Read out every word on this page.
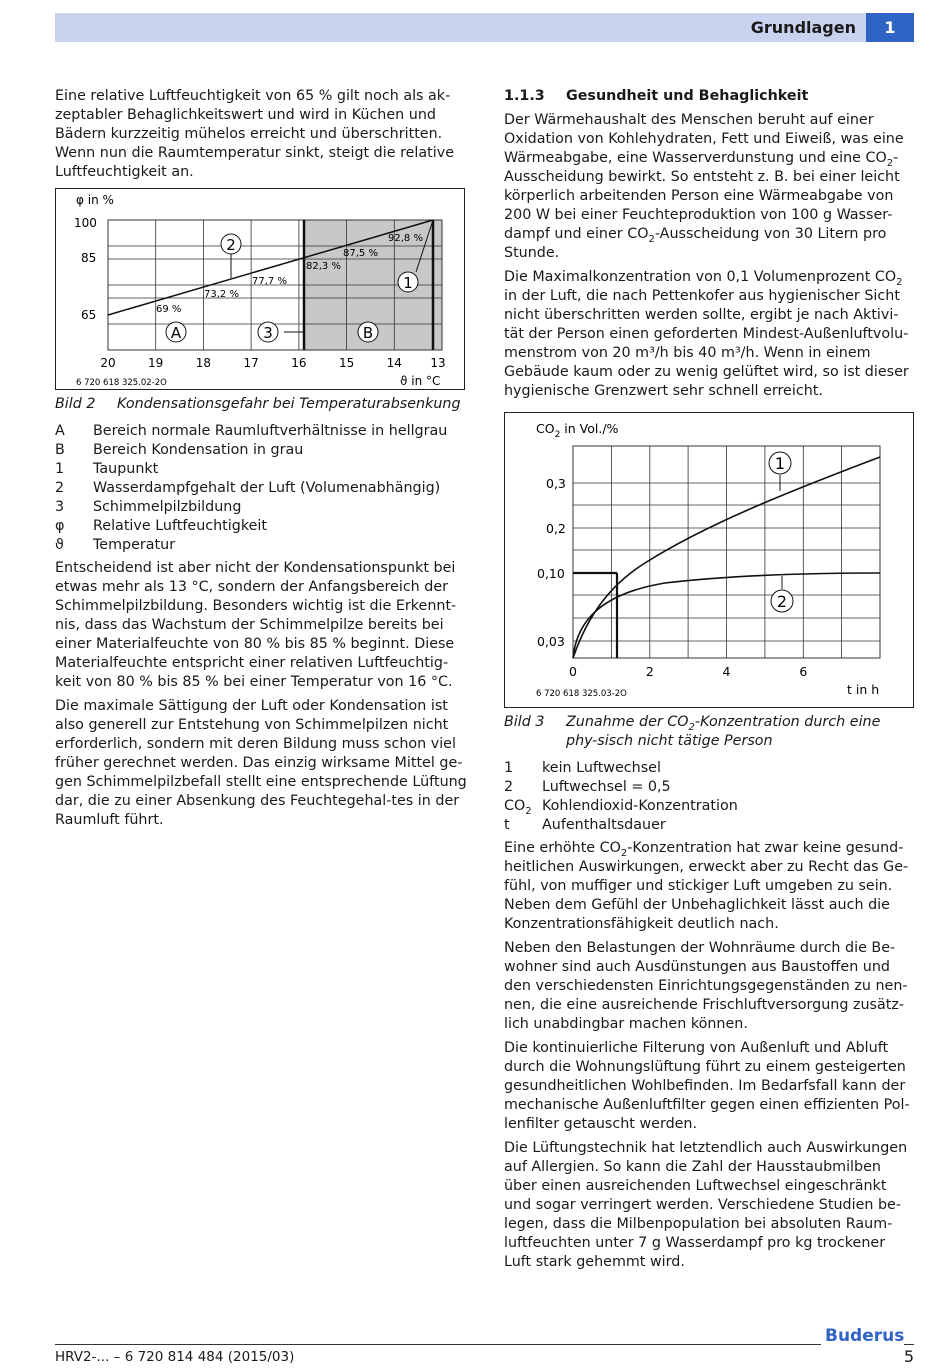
Grundlagen	1

Eine relative Luftfeuchtigkeit von 65 % gilt noch als ak-zeptabler Behaglichkeitswert und wird in Küchen und Bädern kurzzeitig mühelos erreicht und überschritten. Wenn nun die Raumtemperatur sinkt, steigt die relative Luftfeuchtigkeit an.

φ in %
100
85
65
20	19	18	17	16	15	14 13
ϑ in °C
6 720 618 325.02-2O
69 %
73,2 %
77,7 %
82,3 %
87,5 %
92,8 %
A	B
1
2
3
Bild 2	Kondensationsgefahr bei Temperaturabsenkung
A	Bereich normale Raumluftverhältnisse in hellgrau
B	Bereich Kondensation in grau
1	Taupunkt
2	Wasserdampfgehalt der Luft (Volumenabhängig)
3	Schimmelpilzbildung
φ	Relative Luftfeuchtigkeit
ϑ	Temperatur

Entscheidend ist aber nicht der Kondensationspunkt bei etwas mehr als 13 °C, sondern der Anfangsbereich der Schimmelpilzbildung. Besonders wichtig ist die Erkennt-nis, dass das Wachstum der Schimmelpilze bereits bei einer Materialfeuchte von 80 % bis 85 % beginnt. Diese Materialfeuchte entspricht einer relativen Luftfeuchtig-keit von 80 % bis 85 % bei einer Temperatur von 16 °C.

Die maximale Sättigung der Luft oder Kondensation ist also generell zur Entstehung von Schimmelpilzen nicht erforderlich, sondern mit deren Bildung muss schon viel früher gerechnet werden. Das einzig wirksame Mittel ge-gen Schimmelpilzbefall stellt eine entsprechende Lüftung dar, die zu einer Absenkung des Feuchtegehal-tes in der Raumluft führt.

1.1.3 Gesundheit und Behaglichkeit

Der Wärmehaushalt des Menschen beruht auf einer Oxidation von Kohlehydraten, Fett und Eiweiß, was eine Wärmeabgabe, eine Wasserverdunstung und eine $CO_2$-Ausscheidung bewirkt. So entsteht z. B. bei einer leicht körperlich arbeitenden Person eine Wärmeabgabe von 200 W bei einer Feuchteproduktion von 100 g Wasser-dampf und einer $CO_2$-Ausscheidung von 30 Litern pro Stunde.

Die Maximalkonzentration von 0,1 Volumenprozent $CO_2$ in der Luft, die nach Pettenkofer aus hygienischer Sicht nicht überschritten werden sollte, ergibt je nach Aktivi-tät der Person einen geforderten Mindest-Außenluftvolu-menstrom von 20 m³/h bis 40 m³/h. Wenn in einem Gebäude kaum oder zu wenig gelüftet wird, so ist dieser hygienische Grenzwert sehr schnell erreicht.

1
2
$CO_2$ in Vol./%
0,3
0,2
0,10
0,03
0	2	4	6
t in h
6 720 618 325.03-2O
Bild 3	Zunahme der $CO_2$-Konzentration durch eine phy-sisch nicht tätige Person
1	kein Luftwechsel
2	Luftwechsel = 0,5
$CO_2$ Kohlendioxid-Konzentration
t	Aufenthaltsdauer

Eine erhöhte $CO_2$-Konzentration hat zwar keine gesund-heitlichen Auswirkungen, erweckt aber zu Recht das Ge-fühl, von muffiger und stickiger Luft umgeben zu sein. Neben dem Gefühl der Unbehaglichkeit lässt auch die Konzentrationsfähigkeit deutlich nach.

Neben den Belastungen der Wohnräume durch die Be-wohner sind auch Ausdünstungen aus Baustoffen und den verschiedensten Einrichtungsgegenständen zu nen-nen, die eine ausreichende Frischluftversorgung zusätz-lich unabdingbar machen können.

Die kontinuierliche Filterung von Außenluft und Abluft durch die Wohnungslüftung führt zu einem gesteigerten gesundheitlichen Wohlbefinden. Im Bedarfsfall kann der mechanische Außenluftfilter gegen einen effizienten Pol-lenfilter getauscht werden.

Die Lüftungstechnik hat letztendlich auch Auswirkungen auf Allergien. So kann die Zahl der Hausstaubmilben über einen ausreichenden Luftwechsel eingeschränkt und sogar verringert werden. Verschiedene Studien be-legen, dass die Milbenpopulation bei absoluten Raum-luftfeuchten unter 7 g Wasserdampf pro kg trockener Luft stark gehemmt wird.

Buderus
HRV2-... – 6 720 814 484 (2015/03)	5
